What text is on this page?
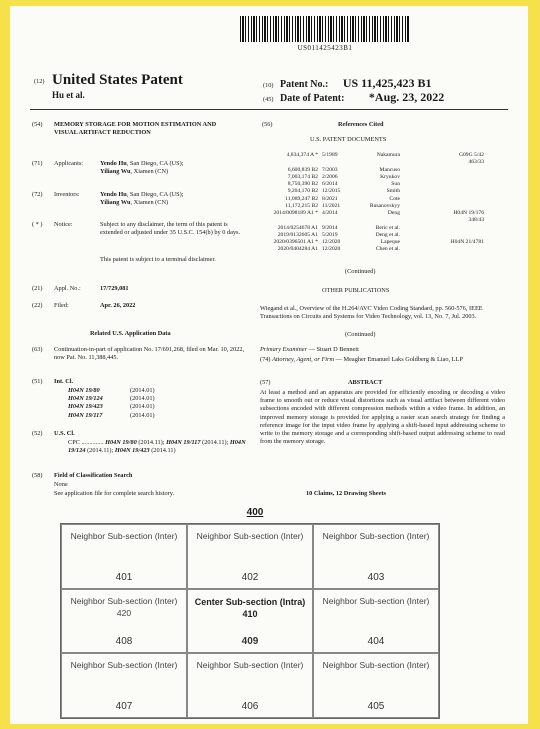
US011425423B1
(12) United States Patent
Hu et al.
(10) Patent No.: US 11,425,423 B1
(45) Date of Patent: *Aug. 23, 2022
(54) MEMORY STORAGE FOR MOTION ESTIMATION AND VISUAL ARTIFACT REDUCTION
(71) Applicants:	Yendo Hu, San Diego, CA (US);
Yiliang Wu, Xiamen (CN)
(72) Inventors:	Yendo Hu, San Diego, CA (US);
Yiliang Wu, Xiamen (CN)
( * ) Notice:	Subject to any disclaimer, the term of this patent is extended or adjusted under 35 U.S.C. 154(b) by 0 days.
This patent is subject to a terminal disclaimer.
(21) Appl. No.:	17/729,081
(22) Filed:	Apr. 26, 2022
Related U.S. Application Data
(63) Continuation-in-part of application No. 17/691,268, filed on Mar. 10, 2022, now Pat. No. 11,388,445.
(51) Int. Cl.
H04N 19/80	(2014.01)
H04N 19/124	(2014.01)
H04N 19/423	(2014.01)
H04N 19/117	(2014.01)
(52) U.S. Cl.
CPC .............. H04N 19/80 (2014.11); H04N 19/117 (2014.11); H04N 19/124 (2014.11); H04N 19/423 (2014.11)
(58) Field of Classification Search
None
See application file for complete search history.
(56)	References Cited
U.S. PATENT DOCUMENTS
4,834,374 A * 5/1989	Nakamura	G09G 5/42
463/33
6,600,839 B2 7/2003	Mancuso
7,003,174 B2 2/2006	Kryukov
8,750,390 B2 6/2014	Sun
9,204,170 B2 12/2015	Smith
11,089,247 B2 8/2021	Cote
11,172,215 B2 11/2021	Rusanovskyy
2014/0098189 A1 * 4/2014	Deng	H04N 19/176
348/43
2014/0254678 A1 9/2014	Beric et al.
2019/0132605 A1 5/2019	Deng et al.
2020/0396501 A1 * 12/2020	Lapeque	H04N 21/4781
2020/0404284 A1 12/2020	Chen et al.
(Continued)
OTHER PUBLICATIONS
Wiegand et al., Overview of the H.264/AVC Video Coding Standard, pp. 560-576, IEEE Transactions on Circuits and Systems for Video Technology, vol. 13, No. 7, Jul. 2003.
(Continued)
Primary Examiner — Stuart D Bennett
(74) Attorney, Agent, or Firm — Meagher Emanuel Laks Goldberg & Liao, LLP
(57)	ABSTRACT
At least a method and an apparatus are provided for efficiently encoding or decoding a video frame to smooth out or reduce visual distortions such as visual artifact between different video subsections encoded with different compression methods within a video frame. In addition, an improved memory storage is provided for applying a raster scan search strategy for finding a reference image for the input video frame by applying a shift-based input addressing scheme to write to the memory storage and a corresponding shift-based output addressing scheme to read from the memory storage.
10 Claims, 12 Drawing Sheets
400
Neighbor Sub-section (Inter)
401
Neighbor Sub-section (Inter)
402
Neighbor Sub-section (Inter)
403
Neighbor Sub-section (Inter) 420
408
Center Sub-section (Intra) 410
409
Neighbor Sub-section (Inter)
404
Neighbor Sub-section (Inter)
407
Neighbor Sub-section (Inter)
406
Neighbor Sub-section (Inter)
405
